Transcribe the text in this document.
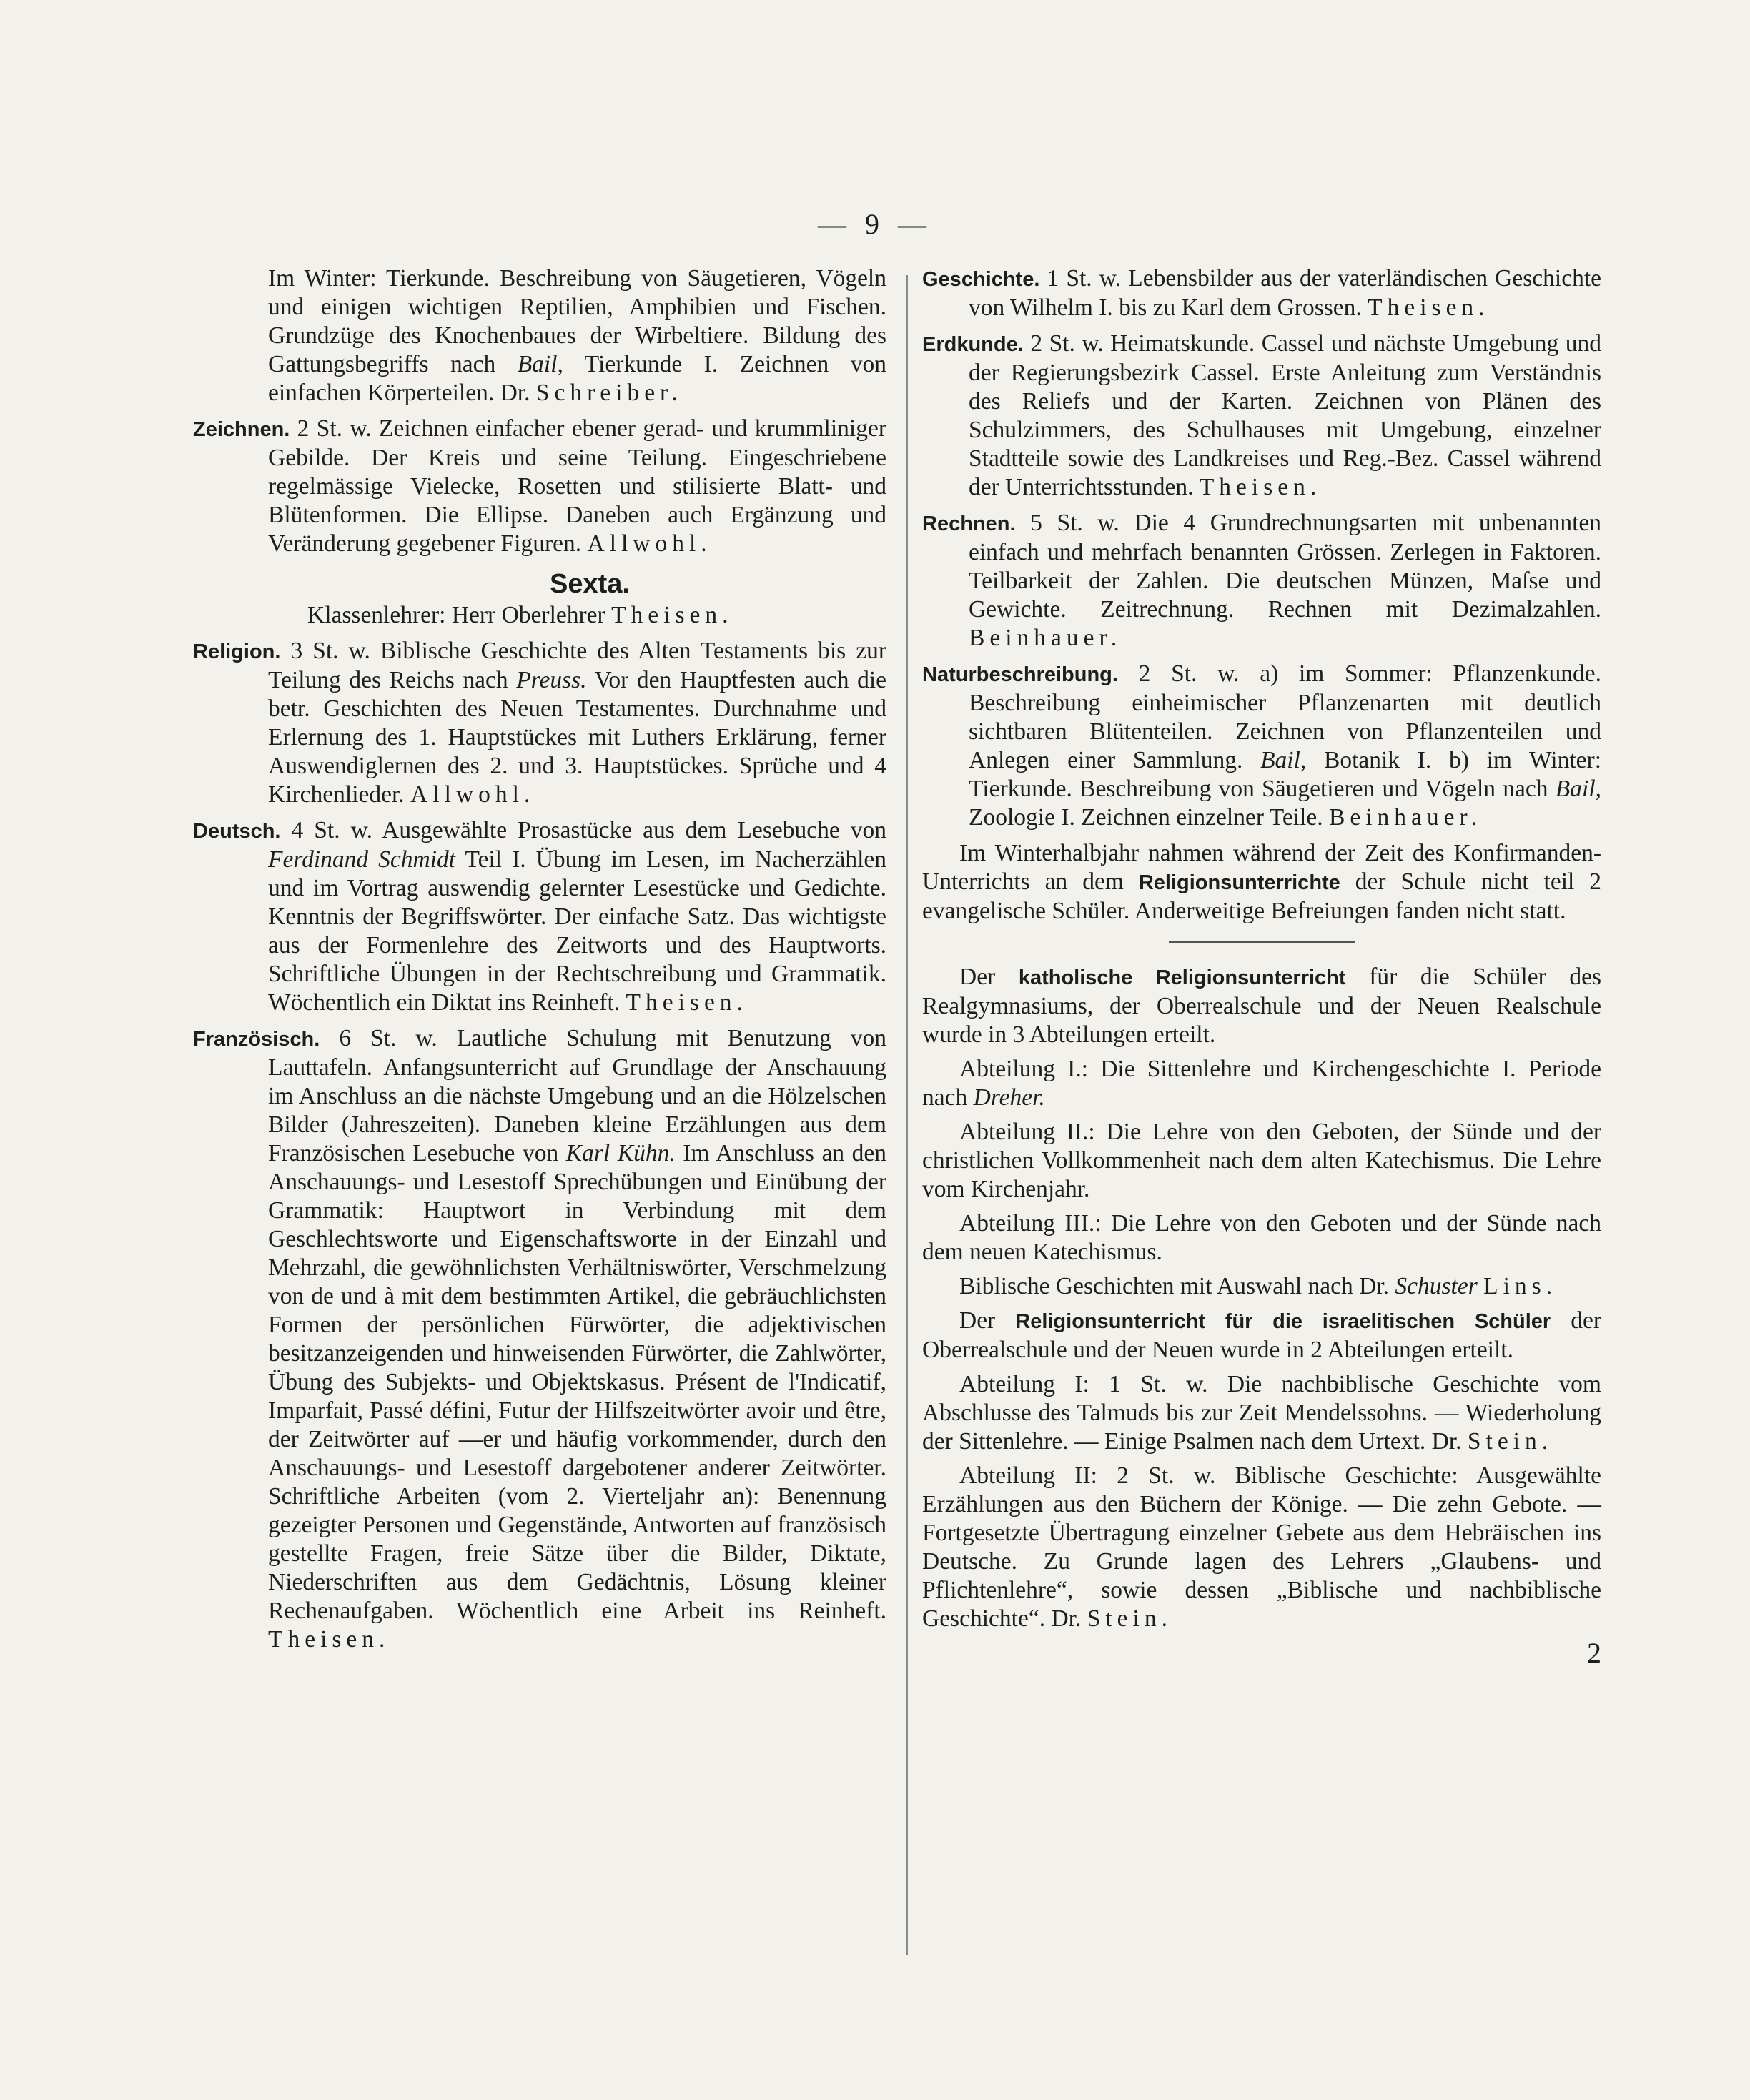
— 9 —

Im Winter: Tierkunde. Beschreibung von Säugetieren, Vögeln und einigen wichtigen Reptilien, Amphibien und Fischen. Grundzüge des Knochenbaues der Wirbeltiere. Bildung des Gattungsbegriffs nach Bail, Tierkunde I. Zeichnen von einfachen Körperteilen. Dr. Schreiber.

Zeichnen. 2 St. w. Zeichnen einfacher ebener gerad- und krummliniger Gebilde. Der Kreis und seine Teilung. Eingeschriebene regelmässige Vielecke, Rosetten und stilisierte Blatt- und Blütenformen. Die Ellipse. Daneben auch Ergänzung und Veränderung gegebener Figuren. Allwohl.

Sexta.

Klassenlehrer: Herr Oberlehrer Theisen.

Religion. 3 St. w. Biblische Geschichte des Alten Testaments bis zur Teilung des Reichs nach Preuss. Vor den Hauptfesten auch die betr. Geschichten des Neuen Testamentes. Durchnahme und Erlernung des 1. Hauptstückes mit Luthers Erklärung, ferner Auswendiglernen des 2. und 3. Hauptstückes. Sprüche und 4 Kirchenlieder. Allwohl.

Deutsch. 4 St. w. Ausgewählte Prosastücke aus dem Lesebuche von Ferdinand Schmidt Teil I. Übung im Lesen, im Nacherzählen und im Vortrag auswendig gelernter Lesestücke und Gedichte. Kenntnis der Begriffswörter. Der einfache Satz. Das wichtigste aus der Formenlehre des Zeitworts und des Hauptworts. Schriftliche Übungen in der Rechtschreibung und Grammatik. Wöchentlich ein Diktat ins Reinheft. Theisen.

Französisch. 6 St. w. Lautliche Schulung mit Benutzung von Lauttafeln. Anfangsunterricht auf Grundlage der Anschauung im Anschluss an die nächste Umgebung und an die Hölzelschen Bilder (Jahreszeiten). Daneben kleine Erzählungen aus dem Französischen Lesebuche von Karl Kühn. Im Anschluss an den Anschauungs- und Lesestoff Sprechübungen und Einübung der Grammatik: Hauptwort in Verbindung mit dem Geschlechtsworte und Eigenschaftsworte in der Einzahl und Mehrzahl, die gewöhnlichsten Verhältniswörter, Verschmelzung von de und à mit dem bestimmten Artikel, die gebräuchlichsten Formen der persönlichen Fürwörter, die adjektivischen besitzanzeigenden und hinweisenden Fürwörter, die Zahlwörter, Übung des Subjekts- und Objektskasus. Présent de l'Indicatif, Imparfait, Passé défini, Futur der Hilfszeitwörter avoir und être, der Zeitwörter auf —er und häufig vorkommender, durch den Anschauungs- und Lesestoff dargebotener anderer Zeitwörter. Schriftliche Arbeiten (vom 2. Vierteljahr an): Benennung gezeigter Personen und Gegenstände, Antworten auf französisch gestellte Fragen, freie Sätze über die Bilder, Diktate, Niederschriften aus dem Gedächtnis, Lösung kleiner Rechenaufgaben. Wöchentlich eine Arbeit ins Reinheft. Theisen.

Geschichte. 1 St. w. Lebensbilder aus der vaterländischen Geschichte von Wilhelm I. bis zu Karl dem Grossen. Theisen.

Erdkunde. 2 St. w. Heimatskunde. Cassel und nächste Umgebung und der Regierungsbezirk Cassel. Erste Anleitung zum Verständnis des Reliefs und der Karten. Zeichnen von Plänen des Schulzimmers, des Schulhauses mit Umgebung, einzelner Stadtteile sowie des Landkreises und Reg.-Bez. Cassel während der Unterrichtsstunden. Theisen.

Rechnen. 5 St. w. Die 4 Grundrechnungsarten mit unbenannten einfach und mehrfach benannten Grössen. Zerlegen in Faktoren. Teilbarkeit der Zahlen. Die deutschen Münzen, Maſse und Gewichte. Zeitrechnung. Rechnen mit Dezimalzahlen. Beinhauer.

Naturbeschreibung. 2 St. w. a) im Sommer: Pflanzenkunde. Beschreibung einheimischer Pflanzenarten mit deutlich sichtbaren Blütenteilen. Zeichnen von Pflanzenteilen und Anlegen einer Sammlung. Bail, Botanik I. b) im Winter: Tierkunde. Beschreibung von Säugetieren und Vögeln nach Bail, Zoologie I. Zeichnen einzelner Teile. Beinhauer.

Im Winterhalbjahr nahmen während der Zeit des Konfirmanden-Unterrichts an dem Religionsunterrichte der Schule nicht teil 2 evangelische Schüler. Anderweitige Befreiungen fanden nicht statt.

Der katholische Religionsunterricht für die Schüler des Realgymnasiums, der Oberrealschule und der Neuen Realschule wurde in 3 Abteilungen erteilt.

Abteilung I.: Die Sittenlehre und Kirchengeschichte I. Periode nach Dreher.

Abteilung II.: Die Lehre von den Geboten, der Sünde und der christlichen Vollkommenheit nach dem alten Katechismus. Die Lehre vom Kirchenjahr.

Abteilung III.: Die Lehre von den Geboten und der Sünde nach dem neuen Katechismus.

Biblische Geschichten mit Auswahl nach Dr. Schuster Lins.

Der Religionsunterricht für die israelitischen Schüler der Oberrealschule und der Neuen wurde in 2 Abteilungen erteilt.

Abteilung I: 1 St. w. Die nachbiblische Geschichte vom Abschlusse des Talmuds bis zur Zeit Mendelssohns. — Wiederholung der Sittenlehre. — Einige Psalmen nach dem Urtext. Dr. Stein.

Abteilung II: 2 St. w. Biblische Geschichte: Ausgewählte Erzählungen aus den Büchern der Könige. — Die zehn Gebote. — Fortgesetzte Übertragung einzelner Gebete aus dem Hebräischen ins Deutsche. Zu Grunde lagen des Lehrers „Glaubens- und Pflichtenlehre“, sowie dessen „Biblische und nachbiblische Geschichte“. Dr. Stein.

2
